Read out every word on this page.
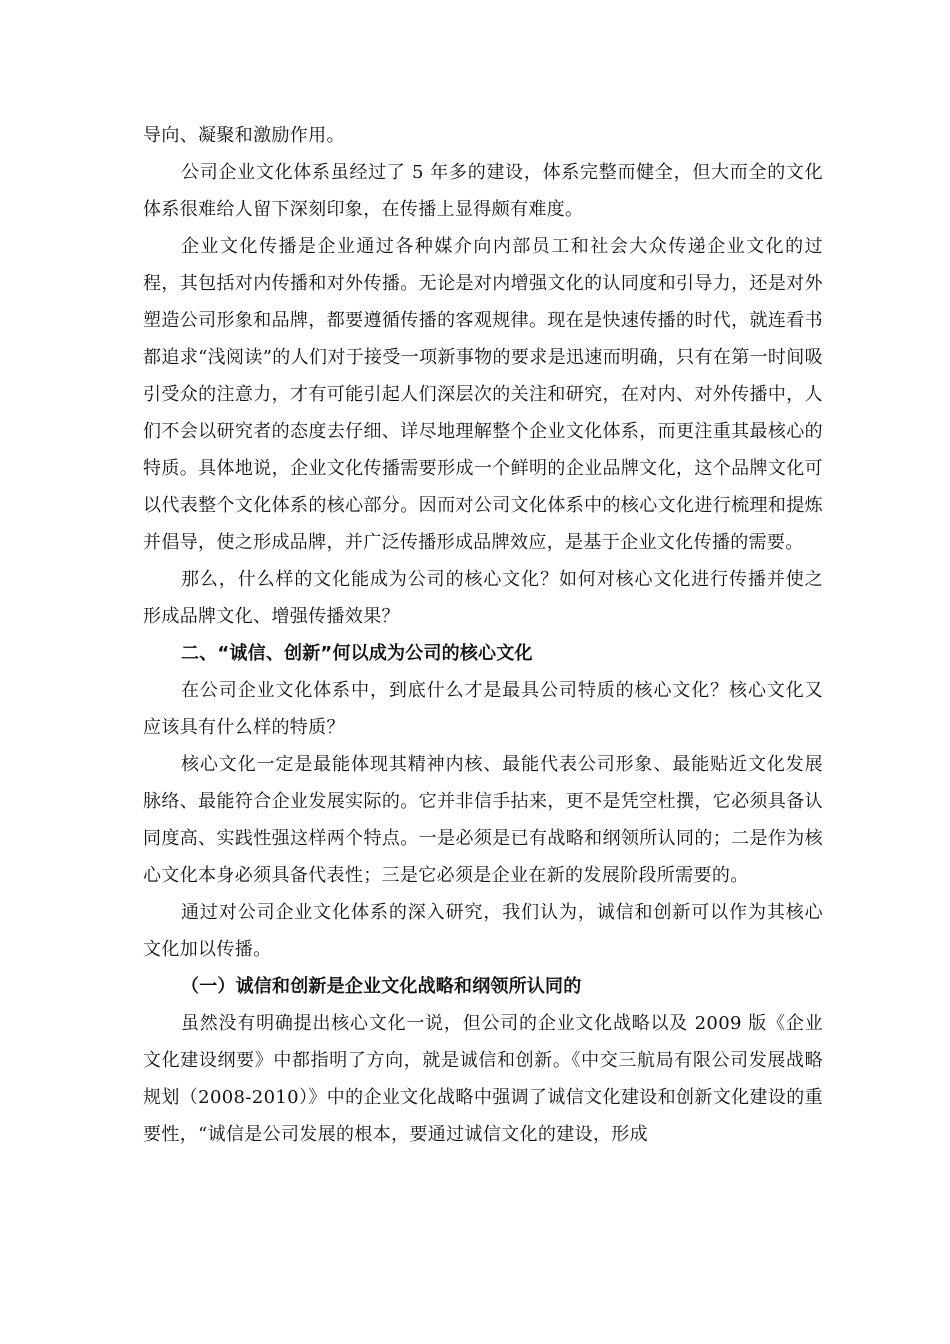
导向、凝聚和激励作用。

公司企业文化体系虽经过了 5 年多的建设，体系完整而健全，但大而全的文化体系很难给人留下深刻印象，在传播上显得颇有难度。

企业文化传播是企业通过各种媒介向内部员工和社会大众传递企业文化的过程，其包括对内传播和对外传播。无论是对内增强文化的认同度和引导力，还是对外塑造公司形象和品牌，都要遵循传播的客观规律。现在是快速传播的时代，就连看书都追求“浅阅读”的人们对于接受一项新事物的要求是迅速而明确，只有在第一时间吸引受众的注意力，才有可能引起人们深层次的关注和研究，在对内、对外传播中，人们不会以研究者的态度去仔细、详尽地理解整个企业文化体系，而更注重其最核心的特质。具体地说，企业文化传播需要形成一个鲜明的企业品牌文化，这个品牌文化可以代表整个文化体系的核心部分。因而对公司文化体系中的核心文化进行梳理和提炼并倡导，使之形成品牌，并广泛传播形成品牌效应，是基于企业文化传播的需要。

那么，什么样的文化能成为公司的核心文化？如何对核心文化进行传播并使之形成品牌文化、增强传播效果？

二、“诚信、创新”何以成为公司的核心文化

在公司企业文化体系中，到底什么才是最具公司特质的核心文化？核心文化又应该具有什么样的特质？

核心文化一定是最能体现其精神内核、最能代表公司形象、最能贴近文化发展脉络、最能符合企业发展实际的。它并非信手拈来，更不是凭空杜撰，它必须具备认同度高、实践性强这样两个特点。一是必须是已有战略和纲领所认同的；二是作为核心文化本身必须具备代表性；三是它必须是企业在新的发展阶段所需要的。

通过对公司企业文化体系的深入研究，我们认为，诚信和创新可以作为其核心文化加以传播。

（一）诚信和创新是企业文化战略和纲领所认同的

虽然没有明确提出核心文化一说，但公司的企业文化战略以及 2009 版《企业文化建设纲要》中都指明了方向，就是诚信和创新。《中交三航局有限公司发展战略规划（2008-2010）》中的企业文化战略中强调了诚信文化建设和创新文化建设的重要性，“诚信是公司发展的根本，要通过诚信文化的建设，形成
